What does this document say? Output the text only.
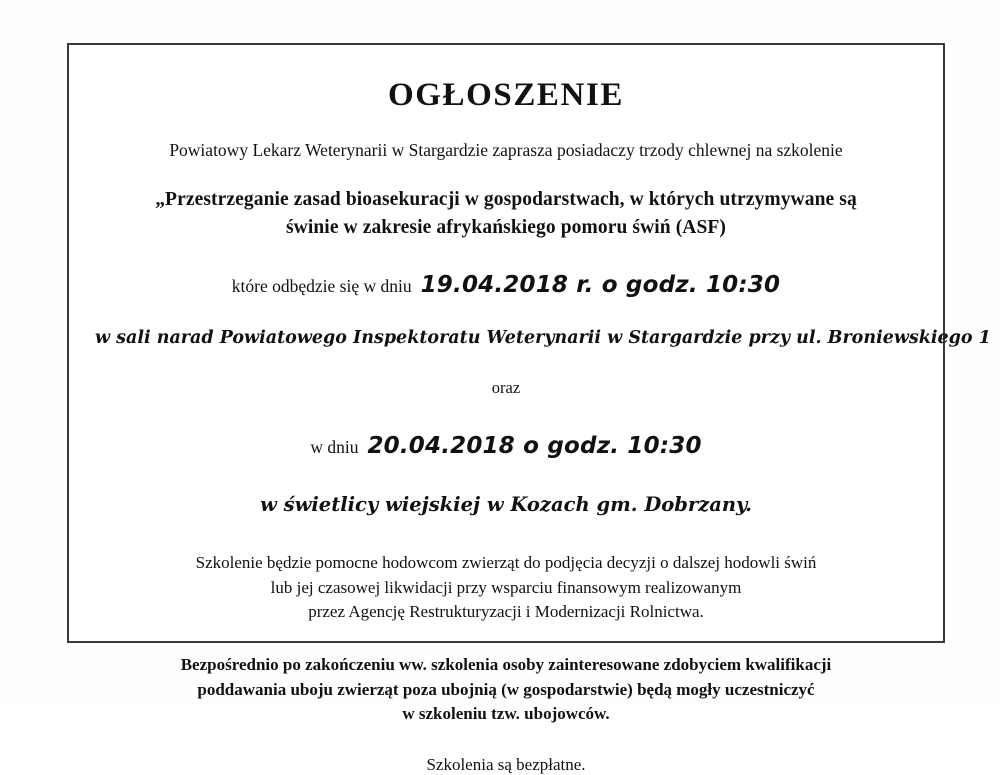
OGŁOSZENIE
Powiatowy Lekarz Weterynarii w Stargardzie zaprasza posiadaczy trzody chlewnej na szkolenie
„Przestrzeganie zasad bioasekuracji w gospodarstwach, w których utrzymywane są
świnie w zakresie afrykańskiego pomoru świń (ASF)
które odbędzie się w dniu 19.04.2018 r. o godz. 10:30
w sali narad Powiatowego Inspektoratu Weterynarii w Stargardzie przy ul. Broniewskiego 1
oraz
w dniu 20.04.2018 o godz. 10:30
w świetlicy wiejskiej w Kozach gm. Dobrzany.
Szkolenie będzie pomocne hodowcom zwierząt do podjęcia decyzji o dalszej hodowli świń
lub jej czasowej likwidacji przy wsparciu finansowym realizowanym
przez Agencję Restrukturyzacji i Modernizacji Rolnictwa.
Bezpośrednio po zakończeniu ww. szkolenia osoby zainteresowane zdobyciem kwalifikacji
poddawania uboju zwierząt poza ubojnią (w gospodarstwie) będą mogły uczestniczyć
w szkoleniu tzw. ubojowców.
Szkolenia są bezpłatne.
